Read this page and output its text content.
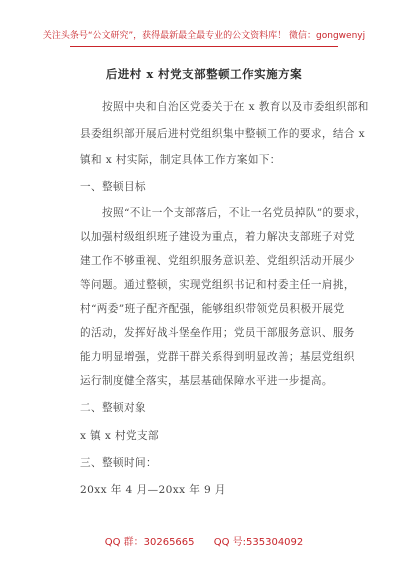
关注头条号“公文研究”，获得最新最全最专业的公文资料库！ 微信：gongwenyj
后进村 x 村党支部整顿工作实施方案
按照中央和自治区党委关于在 x 教育以及市委组织部和
县委组织部开展后进村党组织集中整顿工作的要求，结合 x
镇和 x 村实际，制定具体工作方案如下：
一、整顿目标
按照“不让一个支部落后，不让一名党员掉队”的要求，
以加强村级组织班子建设为重点，着力解决支部班子对党
建工作不够重视、党组织服务意识差、党组织活动开展少
等问题。通过整顿，实现党组织书记和村委主任一肩挑，
村“两委”班子配齐配强，能够组织带领党员积极开展党
的活动，发挥好战斗堡垒作用；党员干部服务意识、服务
能力明显增强，党群干群关系得到明显改善；基层党组织
运行制度健全落实，基层基础保障水平进一步提高。
二、整顿对象
x 镇 x 村党支部
三、整顿时间：
20xx 年 4 月—20xx 年 9 月
QQ 群：30265665 QQ 号:535304092
